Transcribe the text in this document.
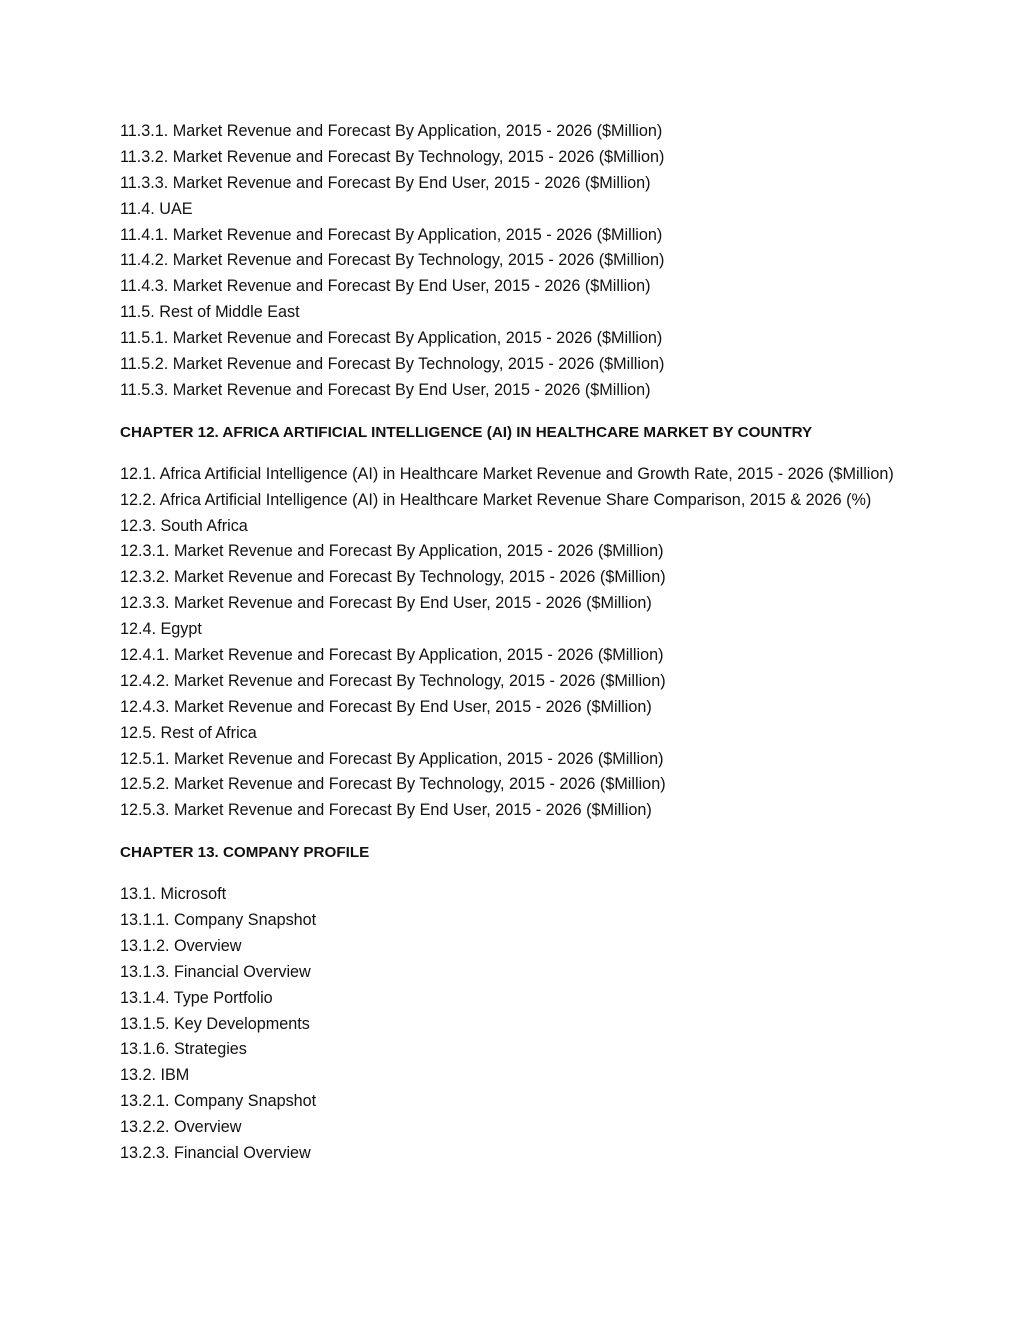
11.3.1. Market Revenue and Forecast By Application, 2015 - 2026 ($Million)
11.3.2. Market Revenue and Forecast By Technology, 2015 - 2026 ($Million)
11.3.3. Market Revenue and Forecast By End User, 2015 - 2026 ($Million)
11.4. UAE
11.4.1. Market Revenue and Forecast By Application, 2015 - 2026 ($Million)
11.4.2. Market Revenue and Forecast By Technology, 2015 - 2026 ($Million)
11.4.3. Market Revenue and Forecast By End User, 2015 - 2026 ($Million)
11.5. Rest of Middle East
11.5.1. Market Revenue and Forecast By Application, 2015 - 2026 ($Million)
11.5.2. Market Revenue and Forecast By Technology, 2015 - 2026 ($Million)
11.5.3. Market Revenue and Forecast By End User, 2015 - 2026 ($Million)
CHAPTER 12. AFRICA ARTIFICIAL INTELLIGENCE (AI) IN HEALTHCARE MARKET BY COUNTRY
12.1. Africa Artificial Intelligence (AI) in Healthcare Market Revenue and Growth Rate, 2015 - 2026 ($Million)
12.2. Africa Artificial Intelligence (AI) in Healthcare Market Revenue Share Comparison, 2015 & 2026 (%)
12.3. South Africa
12.3.1. Market Revenue and Forecast By Application, 2015 - 2026 ($Million)
12.3.2. Market Revenue and Forecast By Technology, 2015 - 2026 ($Million)
12.3.3. Market Revenue and Forecast By End User, 2015 - 2026 ($Million)
12.4. Egypt
12.4.1. Market Revenue and Forecast By Application, 2015 - 2026 ($Million)
12.4.2. Market Revenue and Forecast By Technology, 2015 - 2026 ($Million)
12.4.3. Market Revenue and Forecast By End User, 2015 - 2026 ($Million)
12.5. Rest of Africa
12.5.1. Market Revenue and Forecast By Application, 2015 - 2026 ($Million)
12.5.2. Market Revenue and Forecast By Technology, 2015 - 2026 ($Million)
12.5.3. Market Revenue and Forecast By End User, 2015 - 2026 ($Million)
CHAPTER 13. COMPANY PROFILE
13.1. Microsoft
13.1.1. Company Snapshot
13.1.2. Overview
13.1.3. Financial Overview
13.1.4. Type Portfolio
13.1.5. Key Developments
13.1.6. Strategies
13.2. IBM
13.2.1. Company Snapshot
13.2.2. Overview
13.2.3. Financial Overview
